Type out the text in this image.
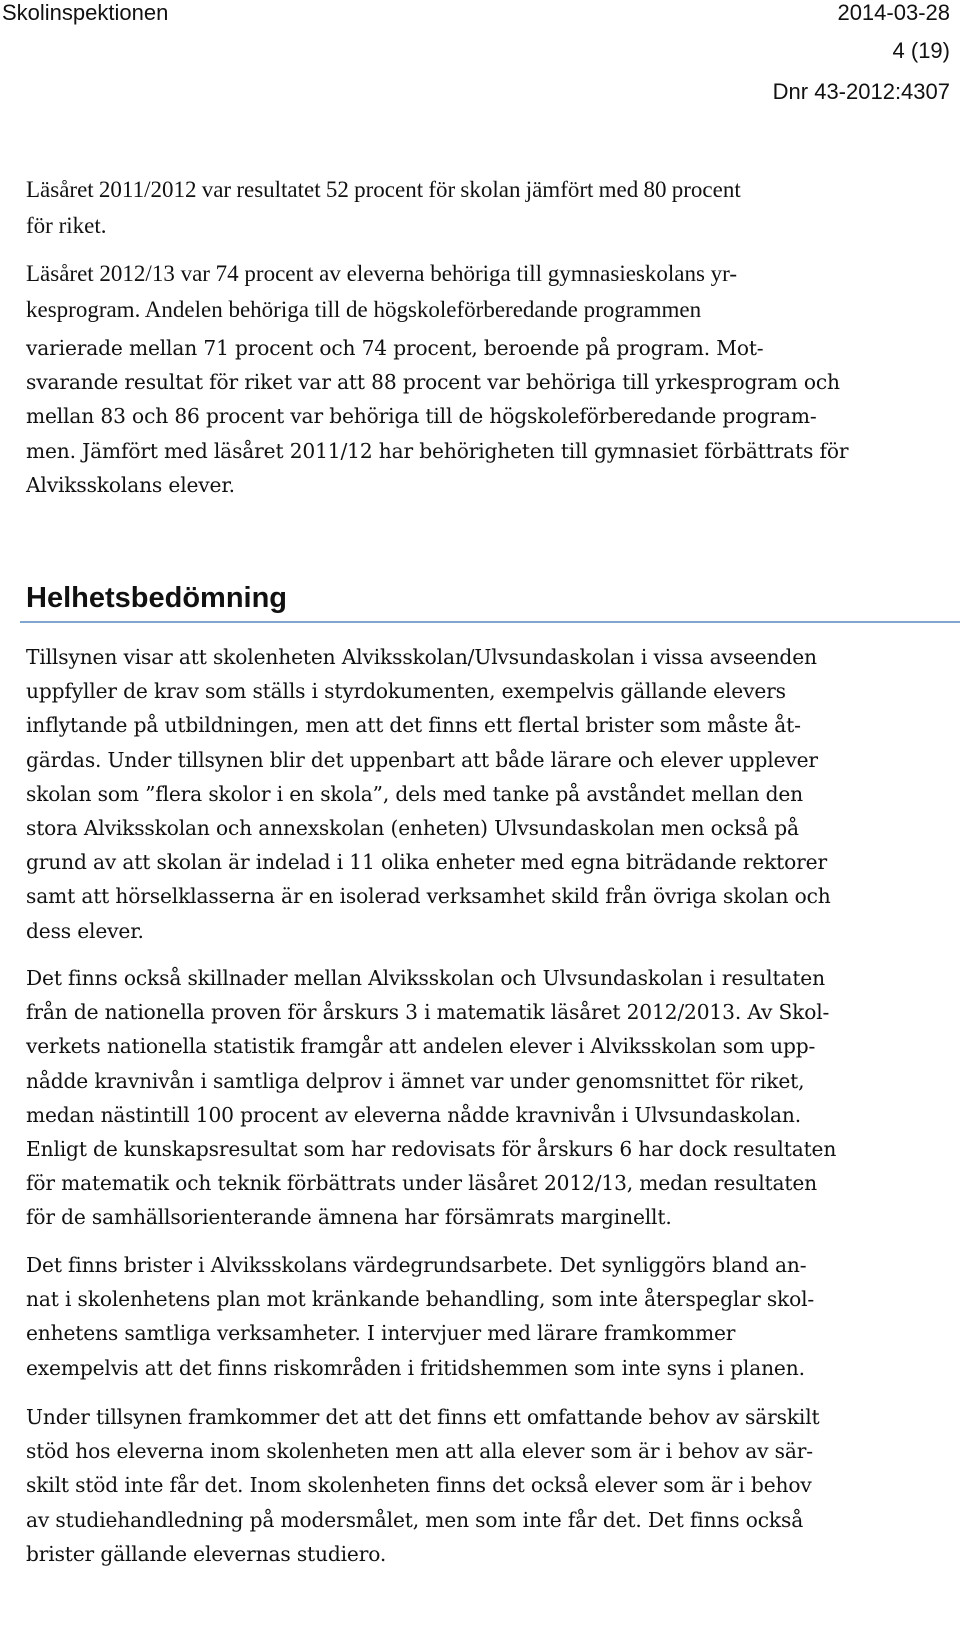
Skolinspektionen	2014-03-28
4 (19)
Dnr 43-2012:4307

Läsåret 2011/2012 var resultatet 52 procent för skolan jämfört med 80 procent
för riket.

Läsåret 2012/13 var 74 procent av eleverna behöriga till gymnasieskolans yr-
kesprogram. Andelen behöriga till de högskoleförberedande programmen

varierade mellan 71 procent och 74 procent, beroende på program. Mot-
svarande resultat för riket var att 88 procent var behöriga till yrkesprogram och
mellan 83 och 86 procent var behöriga till de högskoleförberedande program-
men. Jämfört med läsåret 2011/12 har behörigheten till gymnasiet förbättrats för
Alviksskolans elever.

Helhetsbedömning

Tillsynen visar att skolenheten Alviksskolan/Ulvsundaskolan i vissa avseenden
uppfyller de krav som ställs i styrdokumenten, exempelvis gällande elevers
inflytande på utbildningen, men att det finns ett flertal brister som måste åt-
gärdas. Under tillsynen blir det uppenbart att både lärare och elever upplever
skolan som ”flera skolor i en skola”, dels med tanke på avståndet mellan den
stora Alviksskolan och annexskolan (enheten) Ulvsundaskolan men också på
grund av att skolan är indelad i 11 olika enheter med egna biträdande rektorer
samt att hörselklasserna är en isolerad verksamhet skild från övriga skolan och
dess elever.

Det finns också skillnader mellan Alviksskolan och Ulvsundaskolan i resultaten
från de nationella proven för årskurs 3 i matematik läsåret 2012/2013. Av Skol-
verkets nationella statistik framgår att andelen elever i Alviksskolan som upp-
nådde kravnivån i samtliga delprov i ämnet var under genomsnittet för riket,
medan nästintill 100 procent av eleverna nådde kravnivån i Ulvsundaskolan.
Enligt de kunskapsresultat som har redovisats för årskurs 6 har dock resultaten
för matematik och teknik förbättrats under läsåret 2012/13, medan resultaten
för de samhällsorienterande ämnena har försämrats marginellt.

Det finns brister i Alviksskolans värdegrundsarbete. Det synliggörs bland an-
nat i skolenhetens plan mot kränkande behandling, som inte återspeglar skol-
enhetens samtliga verksamheter. I intervjuer med lärare framkommer
exempelvis att det finns riskområden i fritidshemmen som inte syns i planen.

Under tillsynen framkommer det att det finns ett omfattande behov av särskilt
stöd hos eleverna inom skolenheten men att alla elever som är i behov av sär-
skilt stöd inte får det. Inom skolenheten finns det också elever som är i behov
av studiehandledning på modersmålet, men som inte får det. Det finns också
brister gällande elevernas studiero.
